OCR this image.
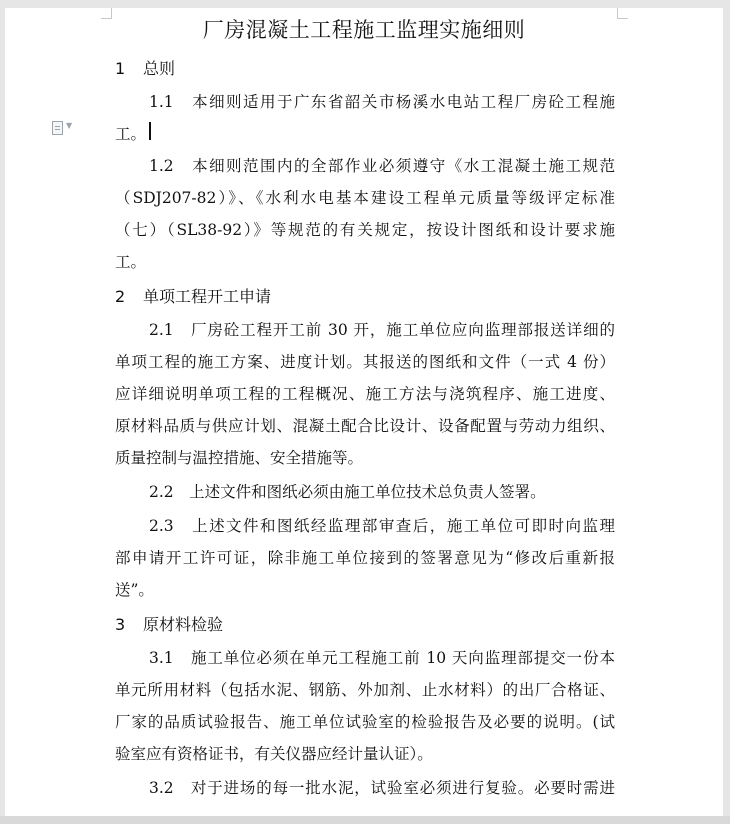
厂房混凝土工程施工监理实施细则
1 总则
1.1　 本细则适用于广东省韶关市杨溪水电站工程厂房砼工程施
工。
1.2　 本细则范围内的全部作业必须遵守《水工混凝土施工规范
（SDJ207-82）》、《水利水电基本建设工程单元质量等级评定标准
（七）（SL38-92）》等规范的有关规定，按设计图纸和设计要求施
工。
2 单项工程开工申请
2.1　 厂房砼工程开工前 30 开，施工单位应向监理部报送详细的
单项工程的施工方案、进度计划。其报送的图纸和文件（一式 4 份）
应详细说明单项工程的工程概况、施工方法与浇筑程序、施工进度、
原材料品质与供应计划、混凝土配合比设计、设备配置与劳动力组织、
质量控制与温控措施、安全措施等。
2.2　 上述文件和图纸必须由施工单位技术总负责人签署。
2.3　 上述文件和图纸经监理部审查后，施工单位可即时向监理
部申请开工许可证，除非施工单位接到的签署意见为“修改后重新报
送”。
3 原材料检验
3.1　 施工单位必须在单元工程施工前 10 天向监理部提交一份本
单元所用材料（包括水泥、钢筋、外加剂、止水材料）的出厂合格证、
厂家的品质试验报告、施工单位试验室的检验报告及必要的说明。(试
验室应有资格证书，有关仪器应经计量认证）。
3.2　 对于进场的每一批水泥，试验室必须进行复验。必要时需进
▼
